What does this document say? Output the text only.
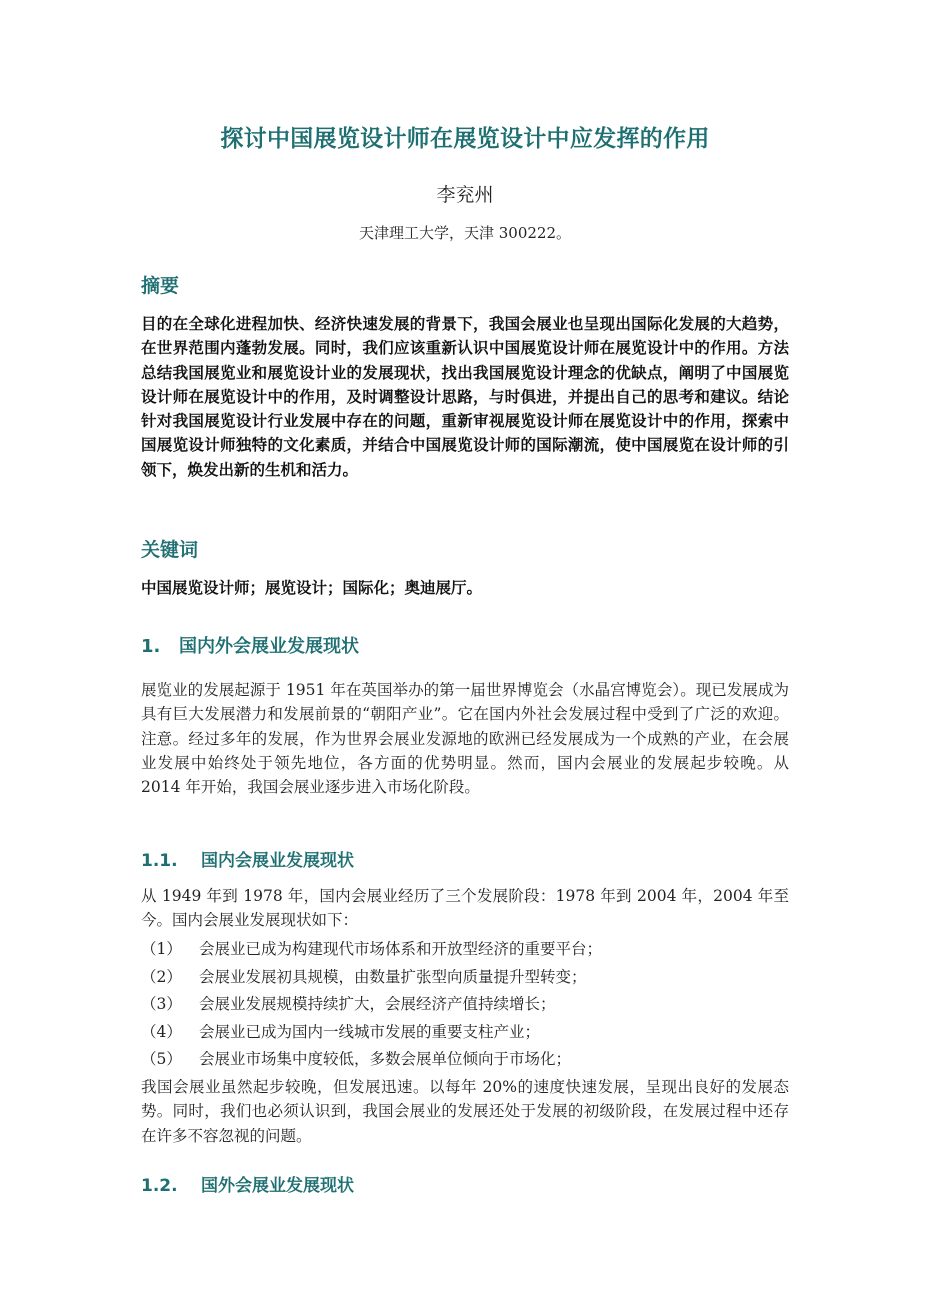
探讨中国展览设计师在展览设计中应发挥的作用
李兖州
天津理工大学，天津 300222。
摘要
目的在全球化进程加快、经济快速发展的背景下，我国会展业也呈现出国际化发展的大趋势，在世界范围内蓬勃发展。同时，我们应该重新认识中国展览设计师在展览设计中的作用。方法总结我国展览业和展览设计业的发展现状，找出我国展览设计理念的优缺点，阐明了中国展览设计师在展览设计中的作用，及时调整设计思路，与时俱进，并提出自己的思考和建议。结论针对我国展览设计行业发展中存在的问题，重新审视展览设计师在展览设计中的作用，探索中国展览设计师独特的文化素质，并结合中国展览设计师的国际潮流，使中国展览在设计师的引领下，焕发出新的生机和活力。
关键词
中国展览设计师；展览设计；国际化；奥迪展厅。
1. 国内外会展业发展现状
展览业的发展起源于 1951 年在英国举办的第一届世界博览会（水晶宫博览会）。现已发展成为具有巨大发展潜力和发展前景的“朝阳产业”。它在国内外社会发展过程中受到了广泛的欢迎。注意。经过多年的发展，作为世界会展业发源地的欧洲已经发展成为一个成熟的产业，在会展业发展中始终处于领先地位，各方面的优势明显。然而，国内会展业的发展起步较晚。从 2014 年开始，我国会展业逐步进入市场化阶段。
1.1. 国内会展业发展现状
从 1949 年到 1978 年，国内会展业经历了三个发展阶段：1978 年到 2004 年，2004 年至今。国内会展业发展现状如下：
（1） 会展业已成为构建现代市场体系和开放型经济的重要平台；
（2） 会展业发展初具规模，由数量扩张型向质量提升型转变；
（3） 会展业发展规模持续扩大，会展经济产值持续增长；
（4） 会展业已成为国内一线城市发展的重要支柱产业；
（5） 会展业市场集中度较低，多数会展单位倾向于市场化；
我国会展业虽然起步较晚，但发展迅速。以每年 20%的速度快速发展，呈现出良好的发展态势。同时，我们也必须认识到，我国会展业的发展还处于发展的初级阶段，在发展过程中还存在许多不容忽视的问题。
1.2. 国外会展业发展现状
